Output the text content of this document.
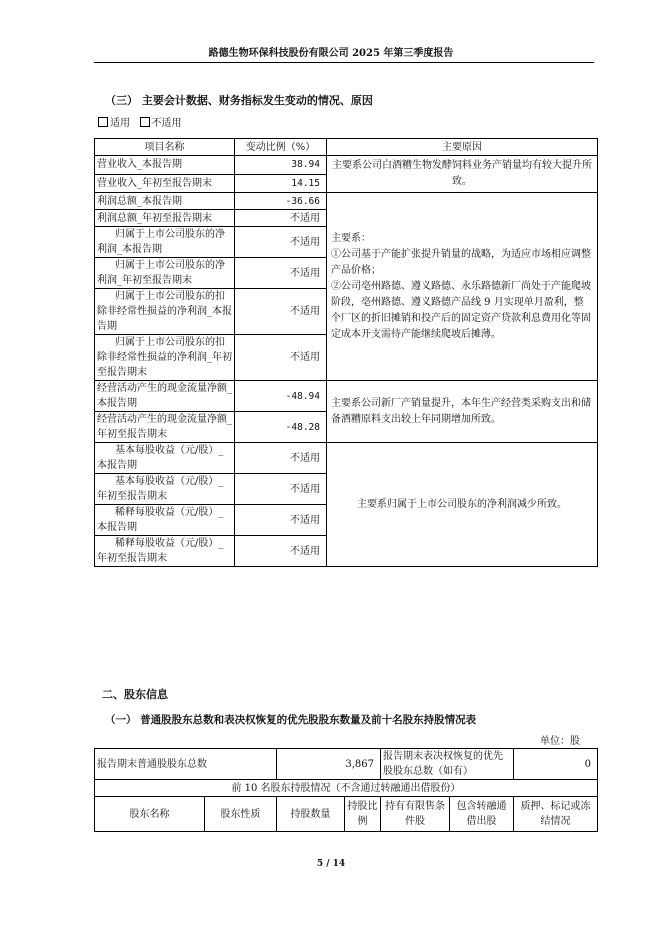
路德生物环保科技股份有限公司 2025 年第三季度报告
（三） 主要会计数据、财务指标发生变动的情况、原因
适用 不适用
项目名称	变动比例（%）	主要原因
营业收入_本报告期	38.94	主要系公司白酒糟生物发酵饲料业务产销量均有较大提升所致。
营业收入_年初至报告期末	14.15	
利润总额_本报告期	-36.66	主要系：
①公司基于产能扩张提升销量的战略，为适应市场相应调整产品价格；
②公司亳州路德、遵义路德、永乐路德新厂尚处于产能爬坡阶段，亳州路德、遵义路德产品线 9 月实现单月盈利，整个厂区的折旧摊销和投产后的固定资产贷款利息费用化等固定成本开支需待产能继续爬坡后摊薄。

利润总额_年初至报告期末	不适用	
归属于上市公司股东的净利润_本报告期	不适用	
归属于上市公司股东的净利润_年初至报告期末	不适用	
归属于上市公司股东的扣除非经常性损益的净利润_本报告期	不适用	
归属于上市公司股东的扣除非经常性损益的净利润_年初至报告期末	不适用	
经营活动产生的现金流量净额_本报告期	-48.94	主要系公司新厂产销量提升，本年生产经营类采购支出和储备酒糟原料支出较上年同期增加所致。
经营活动产生的现金流量净额_年初至报告期末	-48.28	
基本每股收益（元/股）_本报告期	不适用	主要系归属于上市公司股东的净利润减少所致。
基本每股收益（元/股）_年初至报告期末	不适用	
稀释每股收益（元/股）_本报告期	不适用	
稀释每股收益（元/股）_年初至报告期末	不适用	
二、股东信息
（一） 普通股股东总数和表决权恢复的优先股股东数量及前十名股东持股情况表
单位：股
报告期末普通股股东总数		3,867		报告期末表决权恢复的优先股股东总数（如有）		0
前 10 名股东持股情况（不含通过转融通出借股份）						
股东名称	股东性质	持股数量	持股比例	持有有限售条件股	包含转融通借出股	质押、标记或冻结情况
5 / 14
